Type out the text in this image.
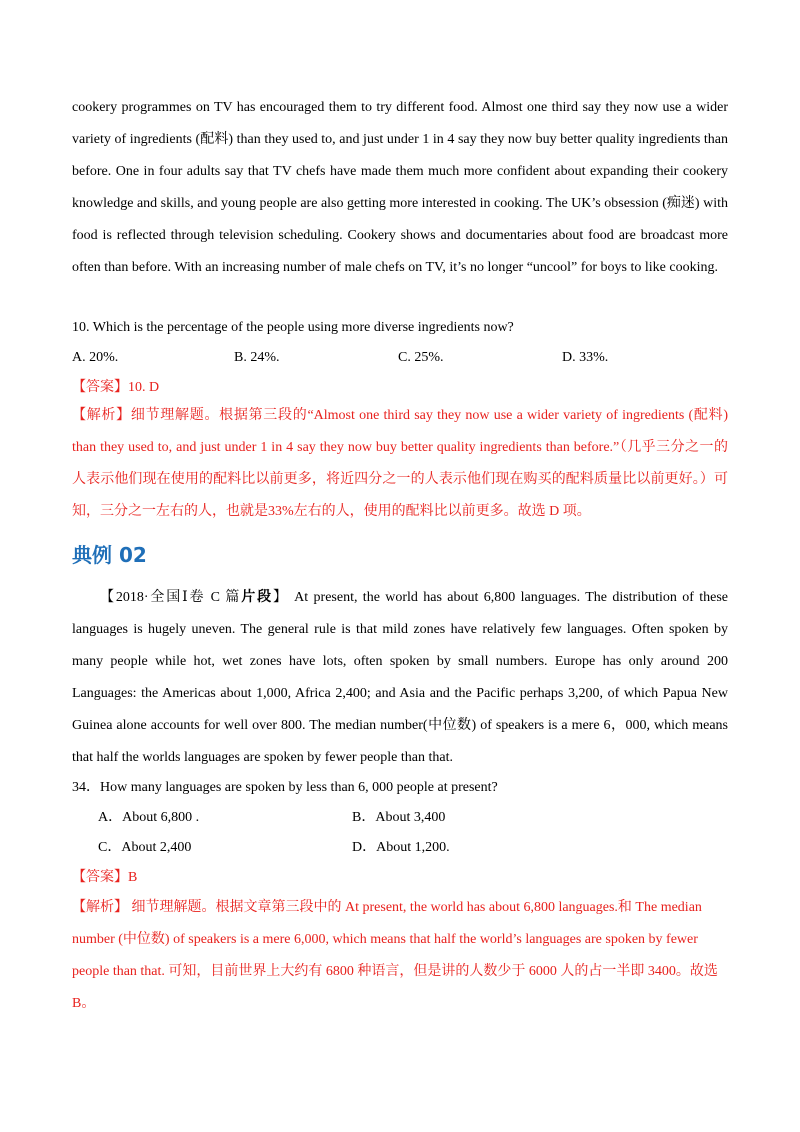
cookery programmes on TV has encouraged them to try different food. Almost one third say they now use a wider variety of ingredients (配料) than they used to, and just under 1 in 4 say they now buy better quality ingredients than before. One in four adults say that TV chefs have made them much more confident about expanding their cookery knowledge and skills, and young people are also getting more interested in cooking. The UK’s obsession (痴迷) with food is reflected through television scheduling. Cookery shows and documentaries about food are broadcast more often than before. With an increasing number of male chefs on TV, it’s no longer “uncool” for boys to like cooking.

10. Which is the percentage of the people using more diverse ingredients now?
A. 20%.	B. 24%.	C. 25%.	D. 33%.
【答案】10. D

【解析】细节理解题。根据第三段的“Almost one third say they now use a wider variety of ingredients (配料) than they used to, and just under 1 in 4 say they now buy better quality ingredients than before.”（几乎三分之一的人表示他们现在使用的配料比以前更多，将近四分之一的人表示他们现在购买的配料质量比以前更好。）可知，三分之一左右的人，也就是33%左右的人，使用的配料比以前更多。故选 D 项。

典例 02

【2018·全国Ⅰ卷 C 篇片段】 At present, the world has about 6,800 languages. The distribution of these languages is hugely uneven. The general rule is that mild zones have relatively few languages. Often spoken by many people while hot, wet zones have lots, often spoken by small numbers. Europe has only around 200 Languages: the Americas about 1,000, Africa 2,400; and Asia and the Pacific perhaps 3,200, of which Papua New Guinea alone accounts for well over 800. The median number(中位数) of speakers is a mere 6，000, which means that half the worlds languages are spoken by fewer people than that.

34．How many languages are spoken by less than 6, 000 people at present?
A．About 6,800 .	B．About 3,400
C．About 2,400	D．About 1,200.
【答案】B

【解析】 细节理解题。根据文章第三段中的 At present, the world has about 6,800 languages.和 The median number (中位数) of speakers is a mere 6,000, which means that half the world’s languages are spoken by fewer people than that. 可知，目前世界上大约有 6800 种语言，但是讲的人数少于 6000 人的占一半即 3400。故选 B。
